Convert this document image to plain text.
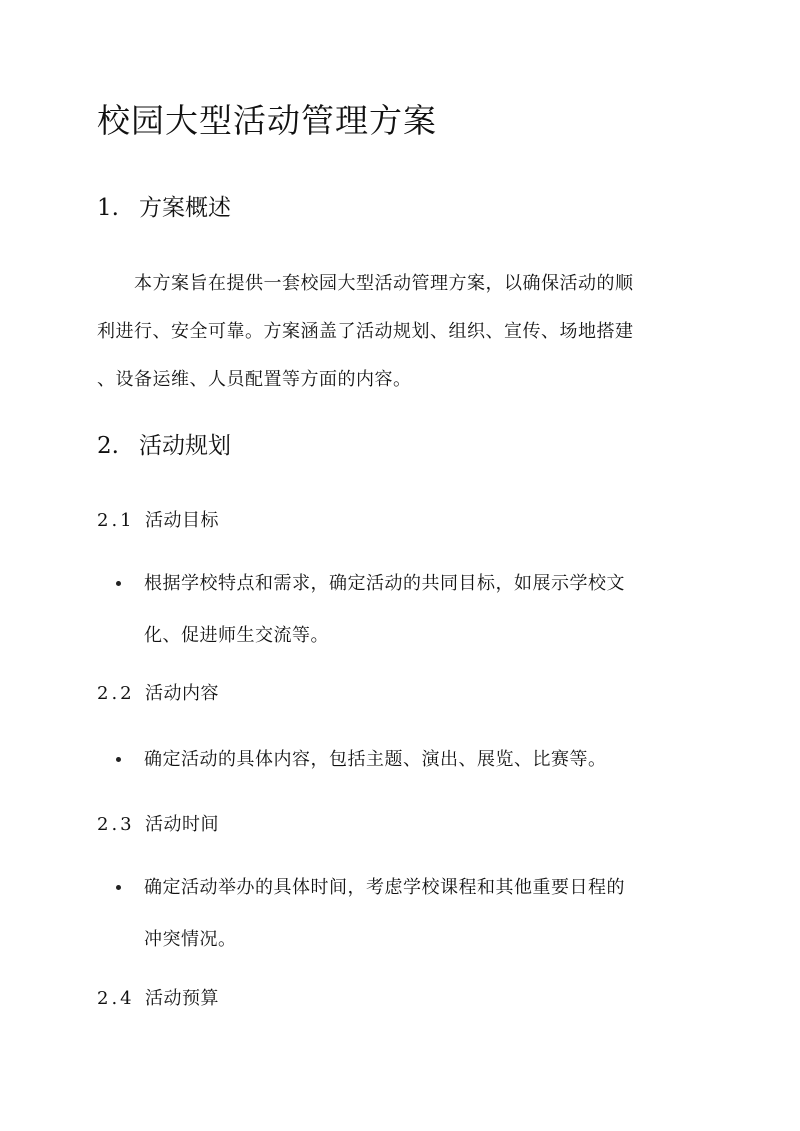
校园大型活动管理方案
1. 方案概述
　　本方案旨在提供一套校园大型活动管理方案，以确保活动的顺
利进行、安全可靠。方案涵盖了活动规划、组织、宣传、场地搭建
、设备运维、人员配置等方面的内容。
2. 活动规划
2.1 活动目标
根据学校特点和需求，确定活动的共同目标，如展示学校文
化、促进师生交流等。
2.2 活动内容
确定活动的具体内容，包括主题、演出、展览、比赛等。
2.3 活动时间
确定活动举办的具体时间，考虑学校课程和其他重要日程的
冲突情况。
2.4 活动预算
